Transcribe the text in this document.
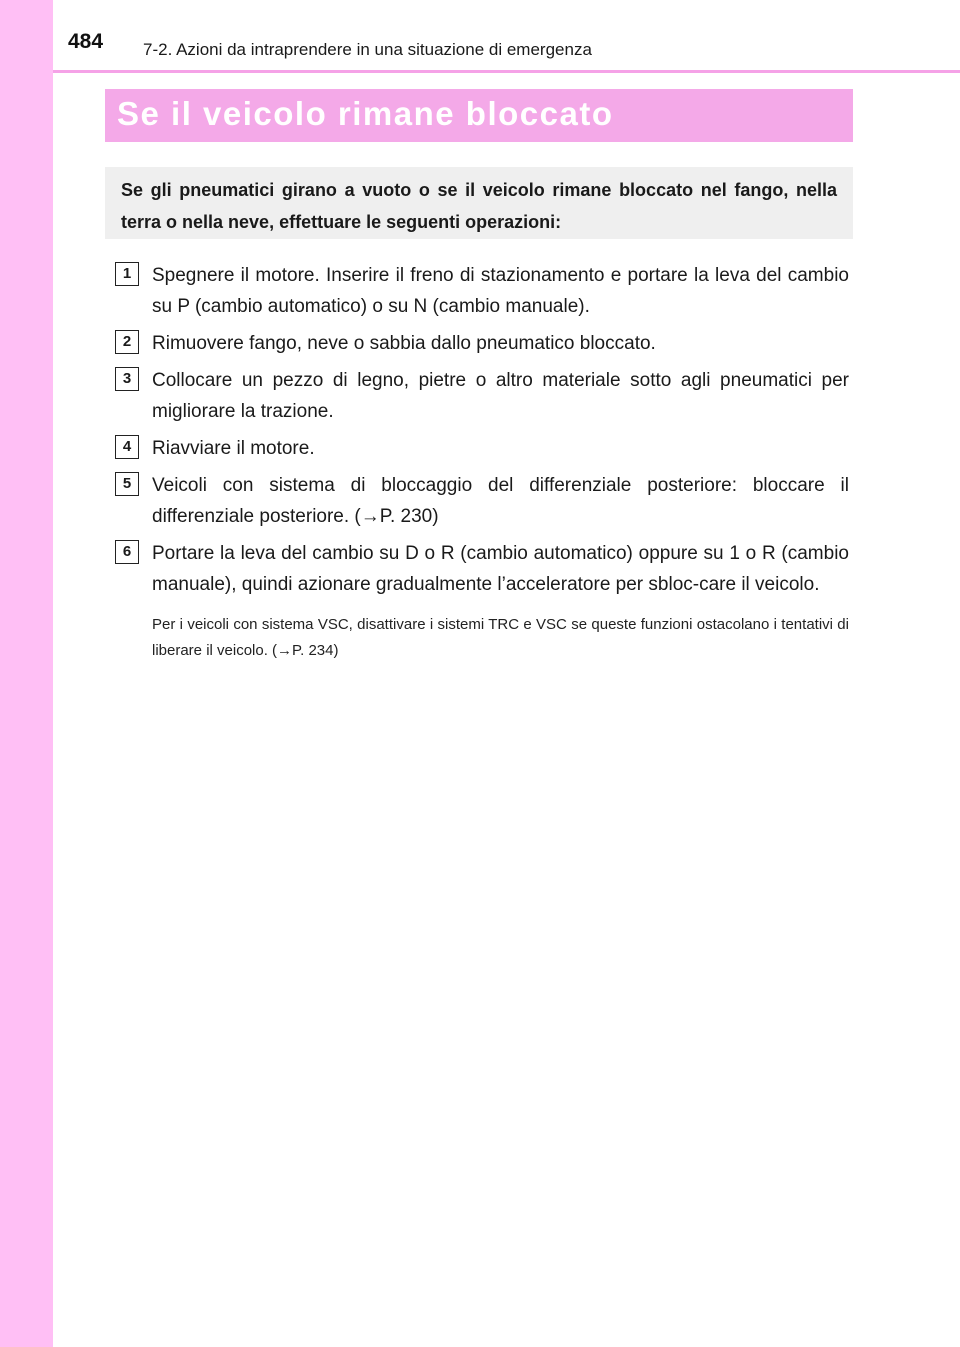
484 7-2. Azioni da intraprendere in una situazione di emergenza
Se il veicolo rimane bloccato

Se gli pneumatici girano a vuoto o se il veicolo rimane bloccato nel fango, nella terra o nella neve, effettuare le seguenti operazioni:

1	Spegnere il motore. Inserire il freno di stazionamento e portare la leva del cambio su P (cambio automatico) o su N (cambio manuale).
2	Rimuovere fango, neve o sabbia dallo pneumatico bloccato.
3	Collocare un pezzo di legno, pietre o altro materiale sotto agli pneumatici per migliorare la trazione.
4	Riavviare il motore.
5	Veicoli con sistema di bloccaggio del differenziale posteriore: bloccare il differenziale posteriore. (→P. 230)
6	Portare la leva del cambio su D o R (cambio automatico) oppure su 1 o R (cambio manuale), quindi azionare gradualmente l’acceleratore per sbloc-care il veicolo.
Per i veicoli con sistema VSC, disattivare i sistemi TRC e VSC se queste funzioni ostacolano i tentativi di liberare il veicolo. (→P. 234)
